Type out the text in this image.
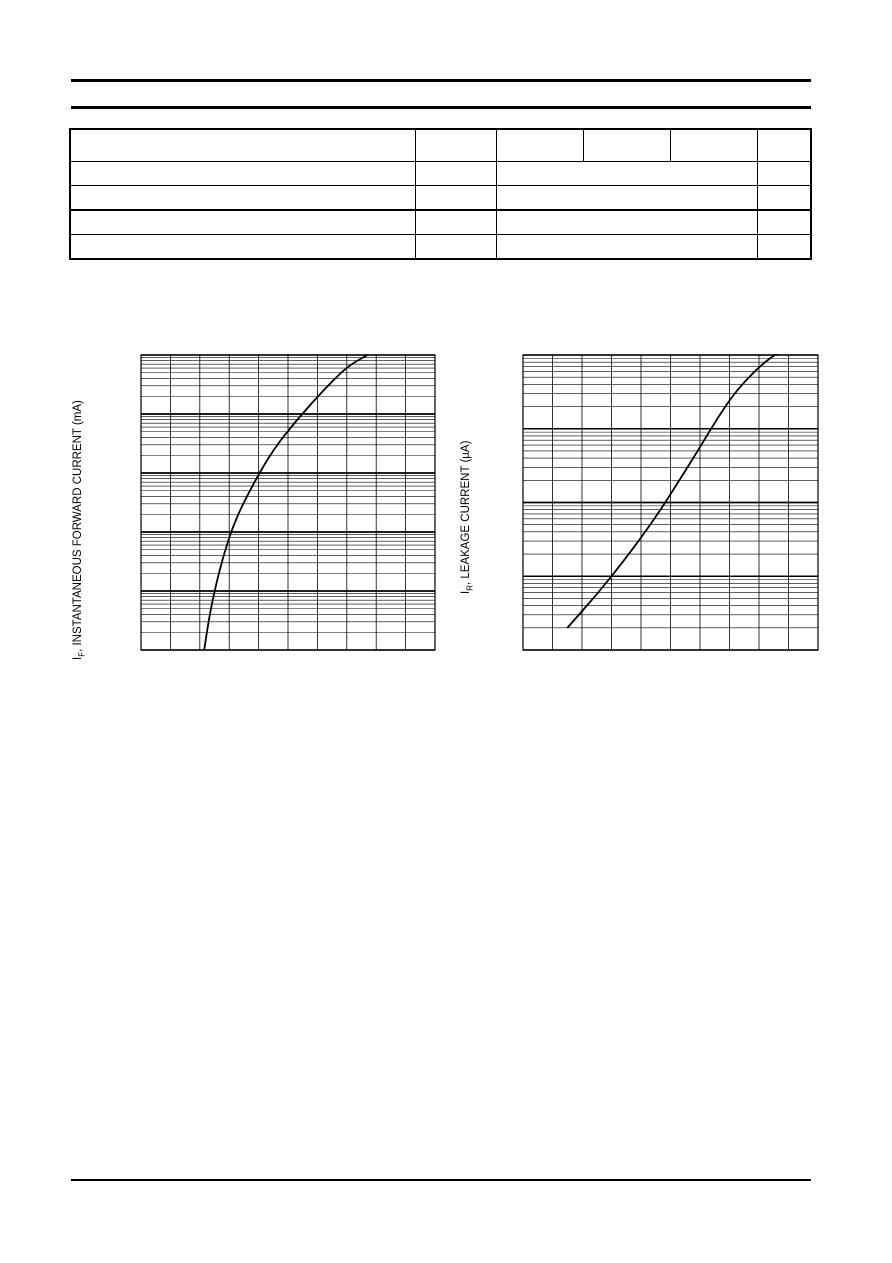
$I_F$, INSTANTANEOUS FORWARD CURRENT (mA)	$I_R$, LEAKAGE CURRENT (µA)
